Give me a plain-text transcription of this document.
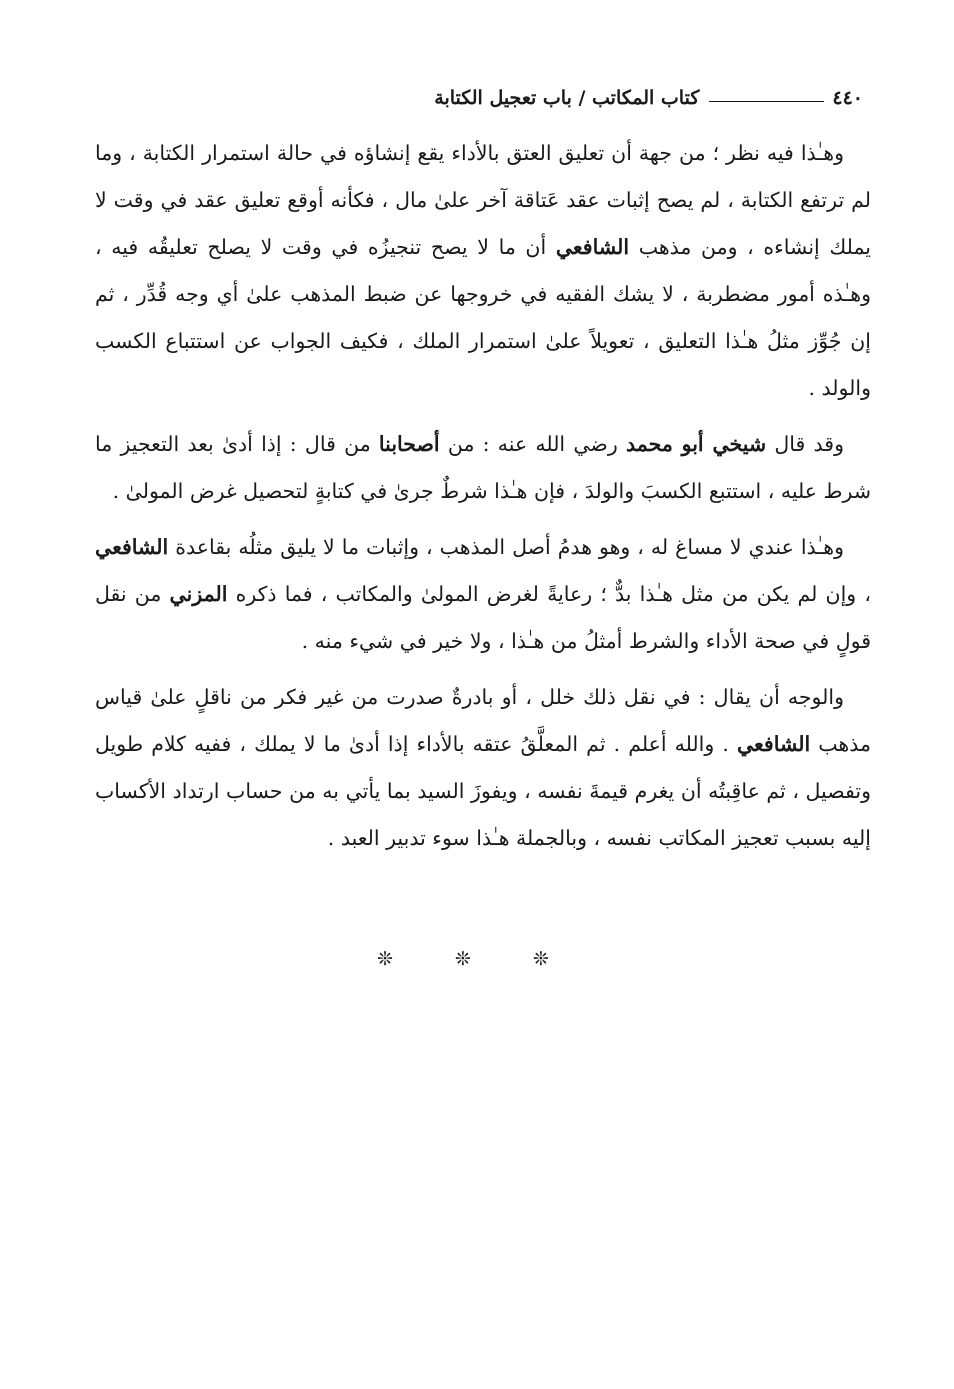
٤٤٠
كتاب المكاتب / باب تعجيل الكتابة

وهـٰذا فيه نظر ؛ من جهة أن تعليق العتق بالأداء يقع إنشاؤه في حالة استمرار الكتابة ، وما لم ترتفع الكتابة ، لم يصح إثبات عقد عَتاقة آخر علىٰ مال ، فكأنه أوقع تعليق عقد في وقت لا يملك إنشاءه ، ومن مذهب الشافعي أن ما لا يصح تنجيزُه في وقت لا يصلح تعليقُه فيه ، وهـٰذه أمور مضطربة ، لا يشك الفقيه في خروجها عن ضبط المذهب علىٰ أي وجه قُدِّر ، ثم إن جُوِّز مثلُ هـٰذا التعليق ، تعويلاً علىٰ استمرار الملك ، فكيف الجواب عن استتباع الكسب والولد .

وقد قال شيخي أبو محمد رضي الله عنه : من أصحابنا من قال : إذا أدىٰ بعد التعجيز ما شرط عليه ، استتبع الكسبَ والولدَ ، فإن هـٰذا شرطٌ جرىٰ في كتابةٍ لتحصيل غرض المولىٰ .

وهـٰذا عندي لا مساغ له ، وهو هدمُ أصل المذهب ، وإثبات ما لا يليق مثلُه بقاعدة الشافعي ، وإن لم يكن من مثل هـٰذا بدٌّ ؛ رعايةً لغرض المولىٰ والمكاتب ، فما ذكره المزني من نقل قولٍ في صحة الأداء والشرط أمثلُ من هـٰذا ، ولا خير في شيء منه .

والوجه أن يقال : في نقل ذلك خلل ، أو بادرةٌ صدرت من غير فكر من ناقلٍ علىٰ قياس مذهب الشافعي . والله أعلم . ثم المعلَّقُ عتقه بالأداء إذا أدىٰ ما لا يملك ، ففيه كلام طويل وتفصيل ، ثم عاقِبتُه أن يغرم قيمةَ نفسه ، ويفوزَ السيد بما يأتي به من حساب ارتداد الأكساب إليه بسبب تعجيز المكاتب نفسه ، وبالجملة هـٰذا سوء تدبير العبد .

❊ ❊ ❊
